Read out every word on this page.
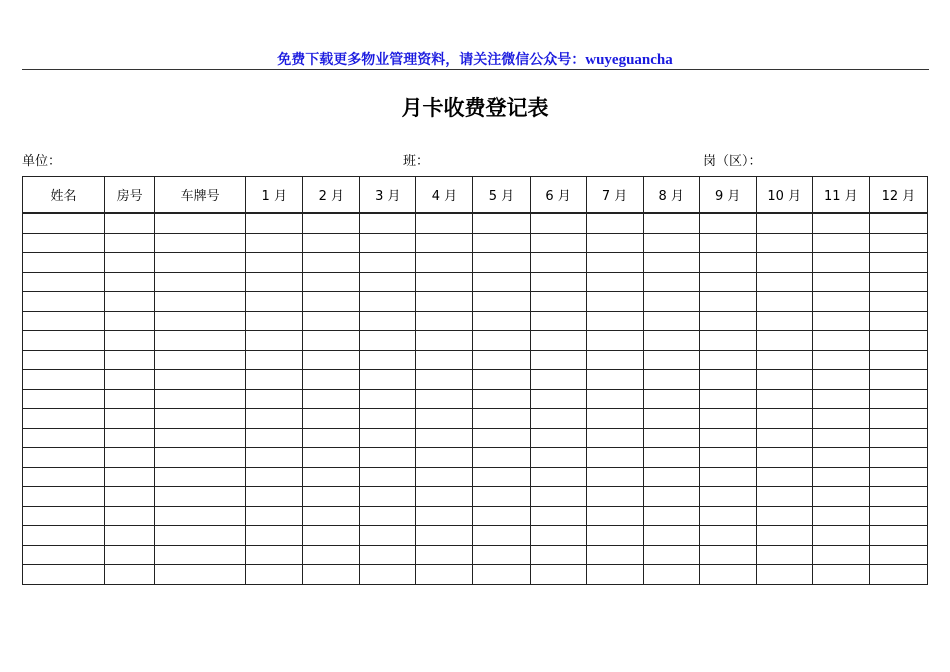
免费下载更多物业管理资料，请关注微信公众号：wuyeguancha
月卡收费登记表
单位：	班：	岗（区）：
姓名	房号	车牌号	1 月	2 月	3 月	4 月	5 月	6 月	7 月	8 月	9 月	10 月	11 月	12 月
